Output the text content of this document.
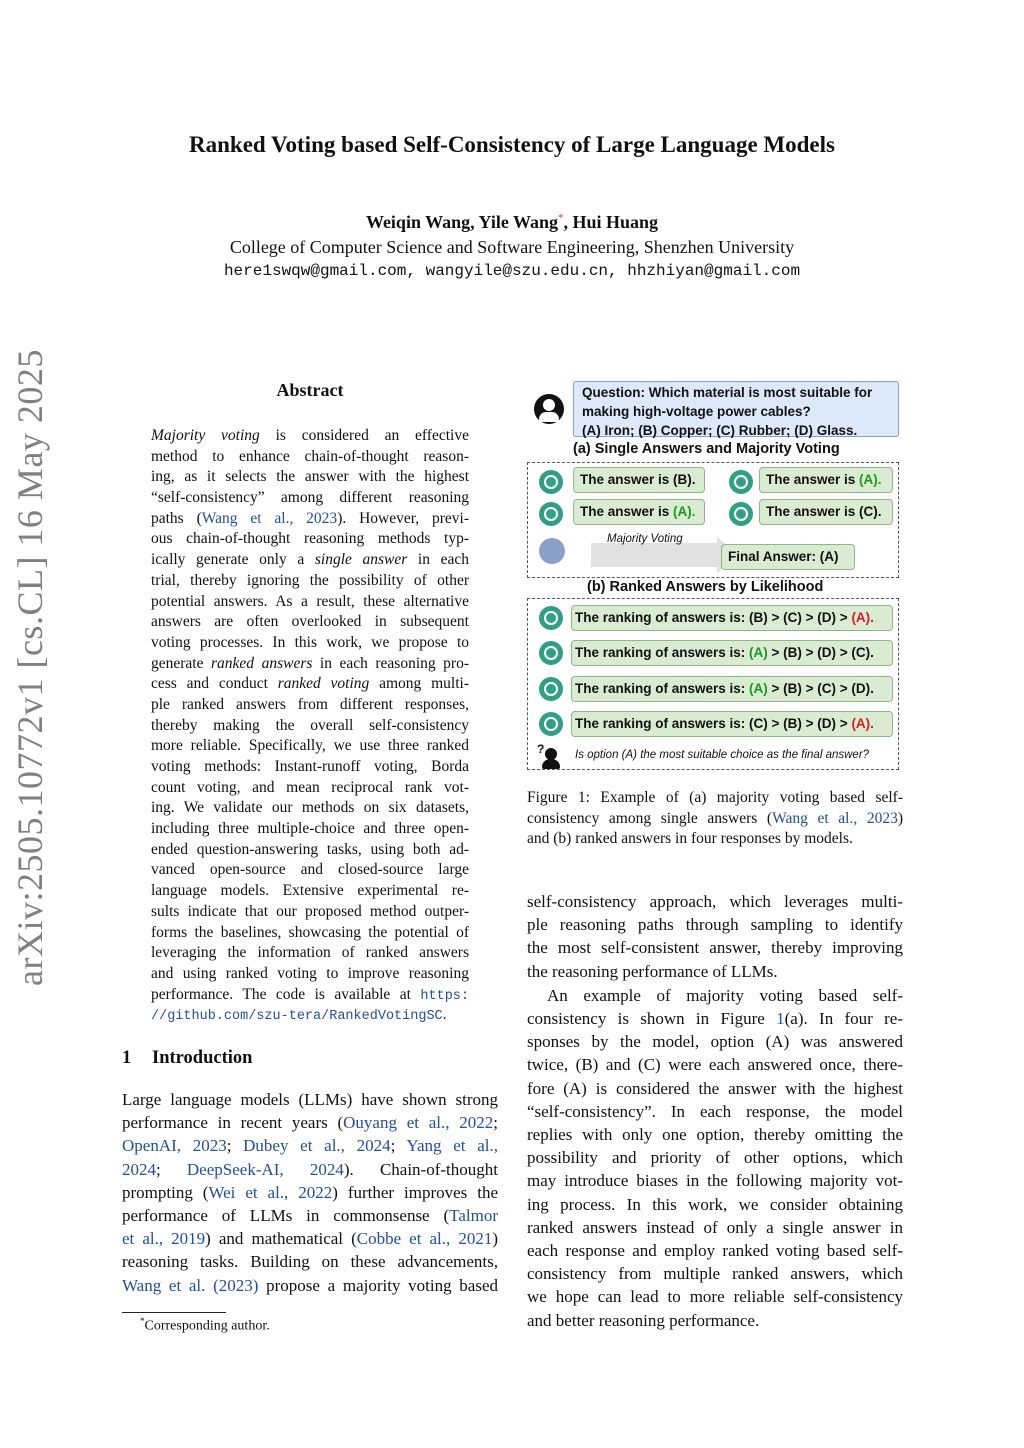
arXiv:2505.10772v1 [cs.CL] 16 May 2025
Ranked Voting based Self-Consistency of Large Language Models
Weiqin Wang, Yile Wang*, Hui Huang
College of Computer Science and Software Engineering, Shenzhen University
here1swqw@gmail.com, wangyile@szu.edu.cn, hhzhiyan@gmail.com
Abstract
Majority voting is considered an effective
method to enhance chain-of-thought reason-
ing, as it selects the answer with the highest
“self-consistency” among different reasoning
paths (Wang et al., 2023). However, previ-
ous chain-of-thought reasoning methods typ-
ically generate only a single answer in each
trial, thereby ignoring the possibility of other
potential answers. As a result, these alternative
answers are often overlooked in subsequent
voting processes. In this work, we propose to
generate ranked answers in each reasoning pro-
cess and conduct ranked voting among multi-
ple ranked answers from different responses,
thereby making the overall self-consistency
more reliable. Specifically, we use three ranked
voting methods: Instant-runoff voting, Borda
count voting, and mean reciprocal rank vot-
ing. We validate our methods on six datasets,
including three multiple-choice and three open-
ended question-answering tasks, using both ad-
vanced open-source and closed-source large
language models. Extensive experimental re-
sults indicate that our proposed method outper-
forms the baselines, showcasing the potential of
leveraging the information of ranked answers
and using ranked voting to improve reasoning
performance. The code is available at https:
//github.com/szu-tera/RankedVotingSC.
1 Introduction
Large language models (LLMs) have shown strong
performance in recent years (Ouyang et al., 2022;
OpenAI, 2023; Dubey et al., 2024; Yang et al.,
2024; DeepSeek-AI, 2024). Chain-of-thought
prompting (Wei et al., 2022) further improves the
performance of LLMs in commonsense (Talmor
et al., 2019) and mathematical (Cobbe et al., 2021)
reasoning tasks. Building on these advancements,
Wang et al. (2023) propose a majority voting based
*Corresponding author.
Question: Which material is most suitable for
making high-voltage power cables?
(A) Iron; (B) Copper; (C) Rubber; (D) Glass.
(a) Single Answers and Majority Voting
The answer is (B).	The answer is (A).
The answer is (A).	The answer is (C).
Majority Voting
Final Answer: (A)
(b) Ranked Answers by Likelihood
The ranking of answers is: (B) > (C) > (D) > (A).
The ranking of answers is: (A) > (B) > (D) > (C).
The ranking of answers is: (A) > (B) > (C) > (D).
The ranking of answers is: (C) > (B) > (D) > (A).
?	Is option (A) the most suitable choice as the final answer?
Figure 1: Example of (a) majority voting based self-
consistency among single answers (Wang et al., 2023)
and (b) ranked answers in four responses by models.
self-consistency approach, which leverages multi-
ple reasoning paths through sampling to identify
the most self-consistent answer, thereby improving
the reasoning performance of LLMs.
An example of majority voting based self-
consistency is shown in Figure 1(a). In four re-
sponses by the model, option (A) was answered
twice, (B) and (C) were each answered once, there-
fore (A) is considered the answer with the highest
“self-consistency”. In each response, the model
replies with only one option, thereby omitting the
possibility and priority of other options, which
may introduce biases in the following majority vot-
ing process. In this work, we consider obtaining
ranked answers instead of only a single answer in
each response and employ ranked voting based self-
consistency from multiple ranked answers, which
we hope can lead to more reliable self-consistency
and better reasoning performance.
